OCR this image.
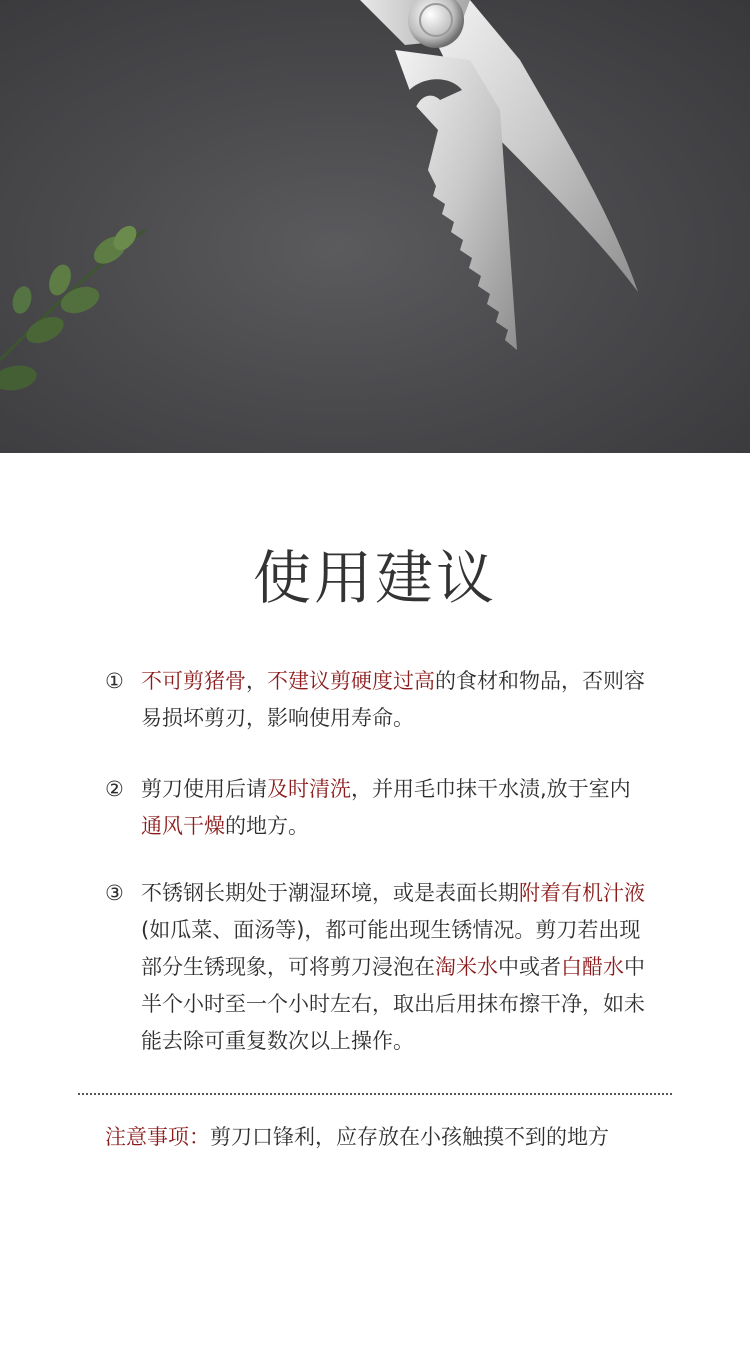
使用建议
① 不可剪猪骨，不建议剪硬度过高的食材和物品，否则容易损坏剪刃，影响使用寿命。
② 剪刀使用后请及时清洗，并用毛巾抹干水渍,放于室内通风干燥的地方。
③ 不锈钢长期处于潮湿环境，或是表面长期附着有机汁液(如瓜菜、面汤等)，都可能出现生锈情况。剪刀若出现部分生锈现象，可将剪刀浸泡在淘米水中或者白醋水中半个小时至一个小时左右，取出后用抹布擦干净，如未能去除可重复数次以上操作。
注意事项：剪刀口锋利，应存放在小孩触摸不到的地方
